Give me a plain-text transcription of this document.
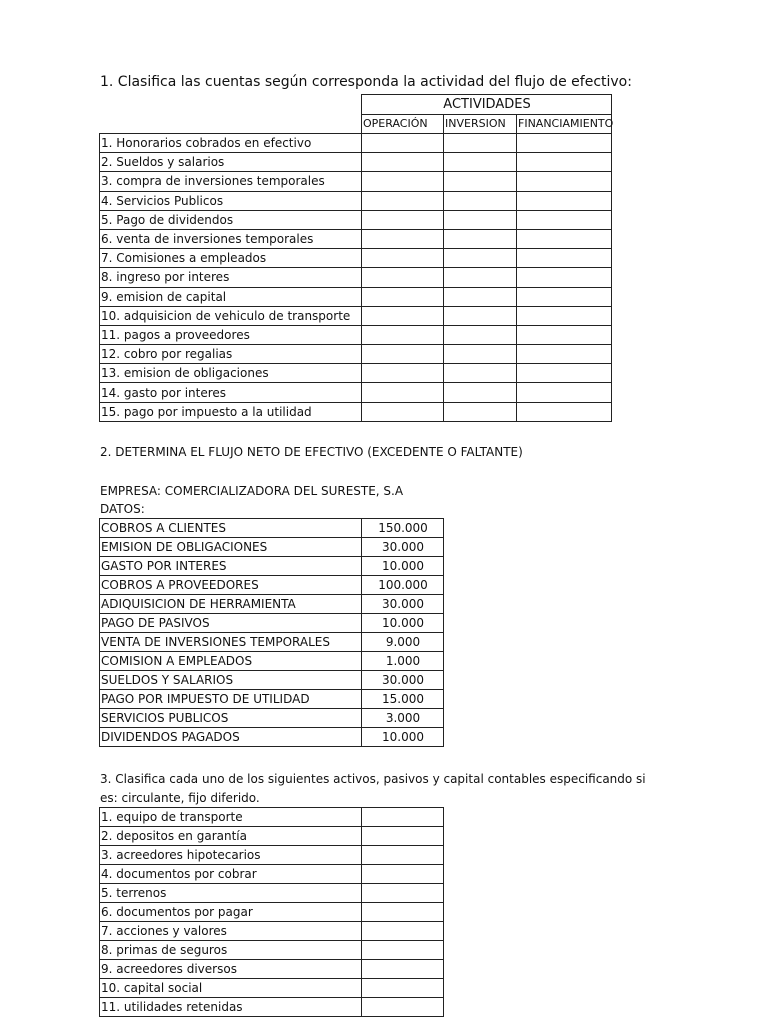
1. Clasifica las cuentas según corresponda la actividad del flujo de efectivo:
ACTIVIDADES
OPERACIÓN	INVERSION	FINANCIAMIENTO
1. Honorarios cobrados en efectivo			
2. Sueldos y salarios			
3. compra de inversiones temporales			
4. Servicios Publicos			
5. Pago de dividendos			
6. venta de inversiones temporales			
7. Comisiones a empleados			
8. ingreso por interes			
9. emision de capital			
10. adquisicion de vehiculo de transporte			
11. pagos a proveedores			
12. cobro por regalias			
13. emision de obligaciones			
14. gasto por interes			
15. pago por impuesto a la utilidad			
2. DETERMINA EL FLUJO NETO DE EFECTIVO (EXCEDENTE O FALTANTE)
EMPRESA: COMERCIALIZADORA DEL SURESTE, S.A
DATOS:
COBROS A CLIENTES	150.000
EMISION DE OBLIGACIONES	30.000
GASTO POR INTERES	10.000
COBROS A PROVEEDORES	100.000
ADIQUISICION DE HERRAMIENTA	30.000
PAGO DE PASIVOS	10.000
VENTA DE INVERSIONES TEMPORALES	9.000
COMISION A EMPLEADOS	1.000
SUELDOS Y SALARIOS	30.000
PAGO POR IMPUESTO DE UTILIDAD	15.000
SERVICIOS PUBLICOS	3.000
DIVIDENDOS PAGADOS	10.000
3. Clasifica cada uno de los siguientes activos, pasivos y capital contables especificando si
es: circulante, fijo diferido.
1. equipo de transporte	
2. depositos en garantía	
3. acreedores hipotecarios	
4. documentos por cobrar	
5. terrenos	
6. documentos por pagar	
7. acciones y valores	
8. primas de seguros	
9. acreedores diversos	
10. capital social	
11. utilidades retenidas	
